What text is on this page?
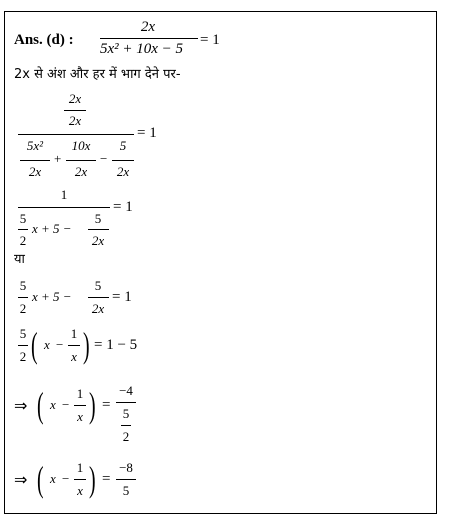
Ans. (d) :
2x
5x² + 10x − 5
= 1
2x से अंश और हर में भाग देने पर-
2x
2x
= 1
5x²
2x
+
10x
2x
−
5
2x
1
= 1
5
2
x + 5 −
5
2x
या
5
2
x + 5 −
5
2x
= 1
5
2 ( x −
1
x ) = 1 − 5
⇒ ( x −
1
x ) =
−4
5
2
⇒ ( x −
1
x ) =
−8
5
